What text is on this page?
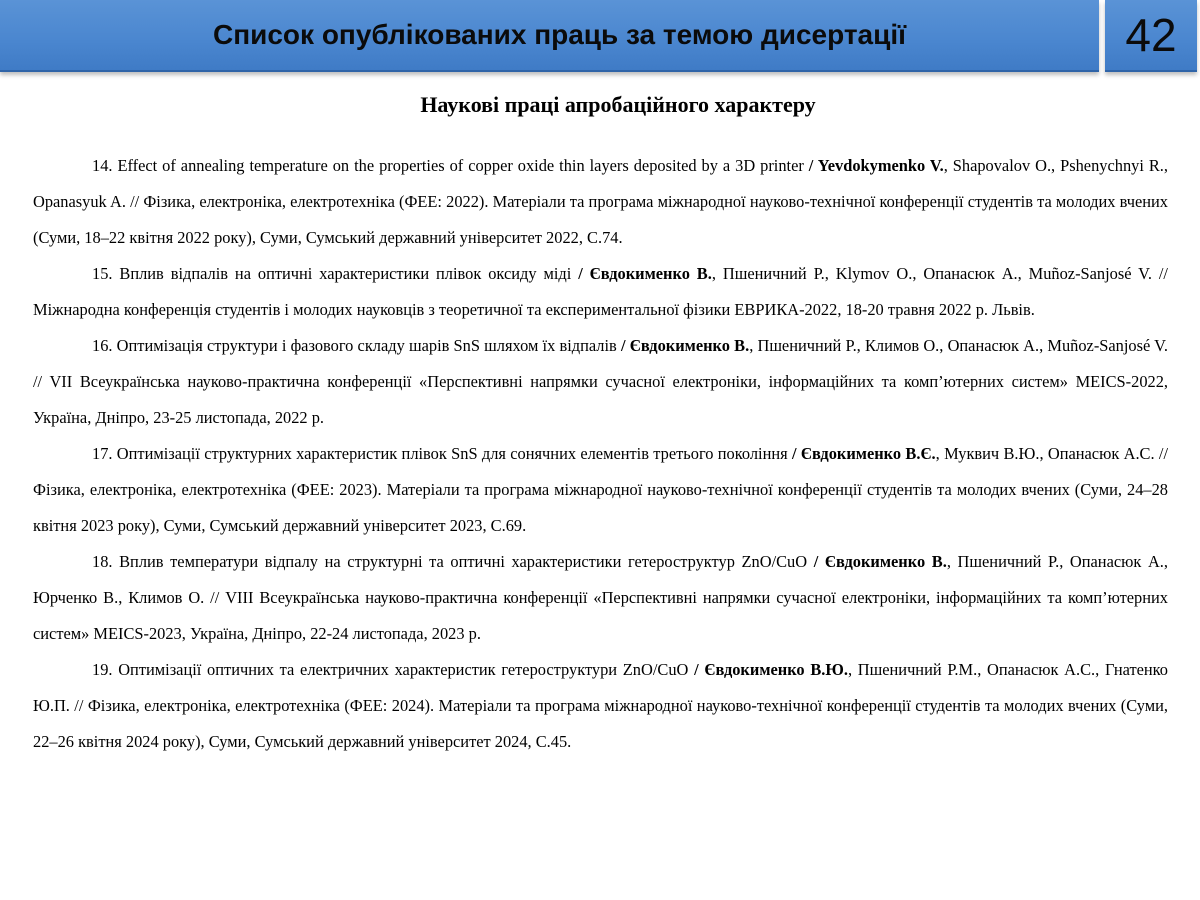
Список опублікованих праць за темою дисертації	42
Наукові праці апробаційного характеру

14. Effect of annealing temperature on the properties of copper oxide thin layers deposited by a 3D printer / Yevdokymenko V., Shapovalov O., Pshenychnyi R., Opanasyuk A. // Фізика, електроніка, електротехніка (ФЕЕ: 2022). Матеріали та програма міжнародної науково-технічної конференції студентів та молодих вчених (Суми, 18–22 квітня 2022 року), Суми, Сумський державний університет 2022, С.74.

15. Вплив відпалів на оптичні характеристики плівок оксиду міді / Євдокименко В., Пшеничний Р., Klymov O., Опанасюк А., Muñoz-Sanjosé V. // Міжнародна конференція студентів і молодих науковців з теоретичної та експериментальної фізики ЕВРИКА-2022, 18-20 травня 2022 р. Львів.

16. Оптимізація структури і фазового складу шарів SnS шляхом їх відпалів / Євдокименко В., Пшеничний Р., Климов О., Опанасюк А., Muñoz-Sanjosé V. // VII Всеукраїнська науково-практична конференції «Перспективні напрямки сучасної електроніки, інформаційних та комп’ютерних систем» MEICS-2022, Україна, Дніпро, 23-25 листопада, 2022 р.

17. Оптимізації структурних характеристик плівок SnS для сонячних елементів третього покоління / Євдокименко В.Є., Муквич В.Ю., Опанасюк А.С. // Фізика, електроніка, електротехніка (ФЕЕ: 2023). Матеріали та програма міжнародної науково-технічної конференції студентів та молодих вчених (Суми, 24–28 квітня 2023 року), Суми, Сумський державний університет 2023, С.69.

18. Вплив температури відпалу на структурні та оптичні характеристики гетероструктур ZnO/CuO / Євдокименко В., Пшеничний Р., Опанасюк А., Юрченко В., Климов О. // VIII Всеукраїнська науково-практична конференції «Перспективні напрямки сучасної електроніки, інформаційних та комп’ютерних систем» MEICS-2023, Україна, Дніпро, 22-24 листопада, 2023 р.

19. Оптимізації оптичних та електричних характеристик гетероструктури ZnO/CuO / Євдокименко В.Ю., Пшеничний Р.М., Опанасюк А.С., Гнатенко Ю.П. // Фізика, електроніка, електротехніка (ФЕЕ: 2024). Матеріали та програма міжнародної науково-технічної конференції студентів та молодих вчених (Суми, 22–26 квітня 2024 року), Суми, Сумський державний університет 2024, С.45.
